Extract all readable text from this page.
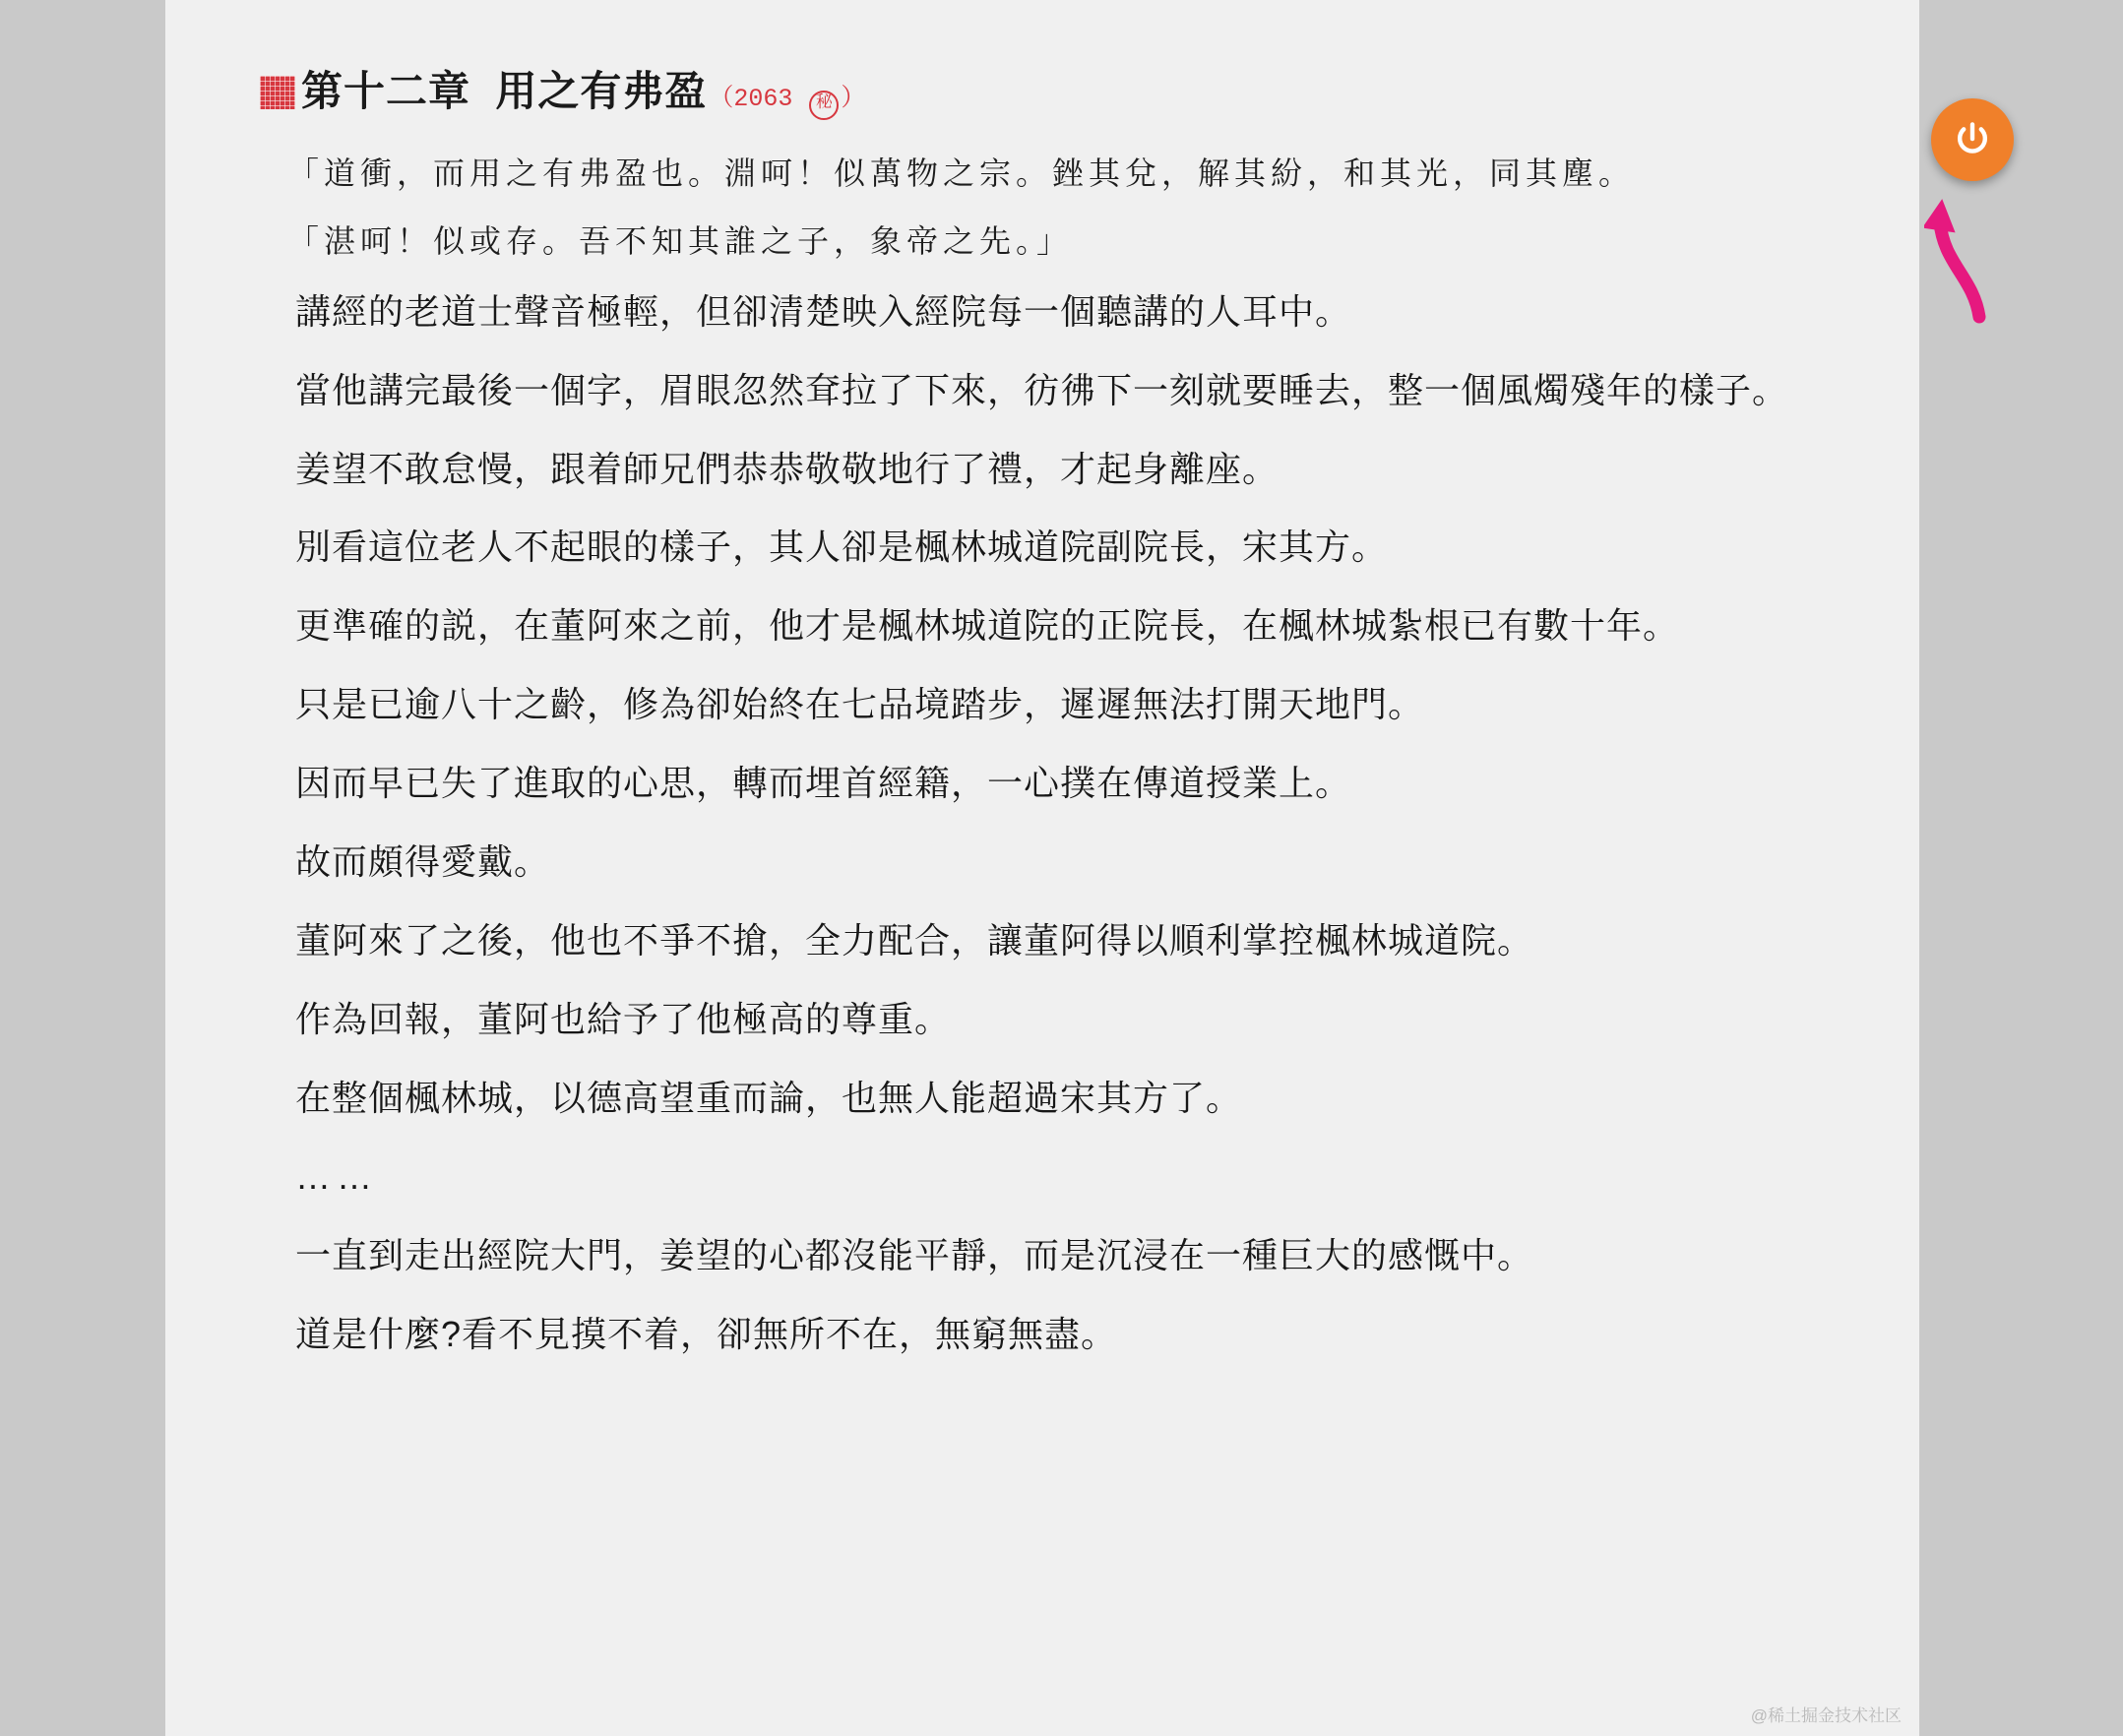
第十二章  用之有弗盈 （2063 秘 ）

「道衝，而用之有弗盈也。淵呵！似萬物之宗。銼其兌，解其紛，和其光，同其塵。

「湛呵！似或存。吾不知其誰之子，象帝之先。」

講經的老道士聲音極輕，但卻清楚映入經院每一個聽講的人耳中。

當他講完最後一個字，眉眼忽然耷拉了下來，彷彿下一刻就要睡去，整一個風燭殘年的樣子。

姜望不敢怠慢，跟着師兄們恭恭敬敬地行了禮，才起身離座。

別看這位老人不起眼的樣子，其人卻是楓林城道院副院長，宋其方。

更準確的説，在董阿來之前，他才是楓林城道院的正院長，在楓林城紮根已有數十年。

只是已逾八十之齡，修為卻始終在七品境踏步，遲遲無法打開天地門。

因而早已失了進取的心思，轉而埋首經籍，一心撲在傳道授業上。

故而頗得愛戴。

董阿來了之後，他也不爭不搶，全力配合，讓董阿得以順利掌控楓林城道院。

作為回報，董阿也給予了他極高的尊重。

在整個楓林城，以德高望重而論，也無人能超過宋其方了。

……

一直到走出經院大門，姜望的心都沒能平靜，而是沉浸在一種巨大的感慨中。

道是什麼?看不見摸不着，卻無所不在，無窮無盡。

@稀土掘金技术社区
